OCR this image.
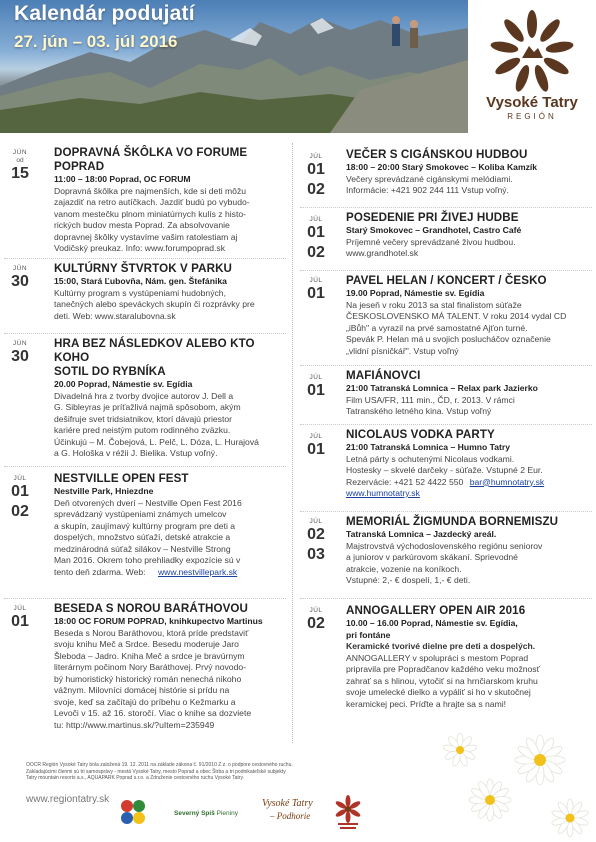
Kalendár podujatí
27. jún – 03. júl 2016
Vysoké Tatry
REGIÓN
JÚN
od
15
DOPRAVNÁ ŠKÔLKA VO FORUME POPRAD
11:00 – 18:00 Poprad, OC FORUM
Dopravná škôlka pre najmenších, kde si deti môžu
zajazdiť na retro autíčkach. Jazdiť budú po vybudo-
vanom mestečku plnom miniatúrnych kulís z histo-
rických budov mesta Poprad. Za absolvovanie
dopravnej škôlky vystavíme vašim ratolestiam aj
Vodičský preukaz. Info: www.forumpoprad.sk
JÚN
30
KULTÚRNY ŠTVRTOK V PARKU
15:00, Stará Ľubovňa, Nám. gen. Štefánika
Kultúrny program s vystúpeniami hudobných,
tanečných alebo speváckych skupín či rozprávky pre
deti. Web: www.staralubovna.sk
JÚN
30
HRA BEZ NÁSLEDKOV ALEBO KTO KOHO
SOTIL DO RYBNÍKA
20.00 Poprad, Námestie sv. Egídia
Divadelná hra z tvorby dvojice autorov J. Dell a
G. Sibleyras je príťažlivá najmä spôsobom, akým
dešifruje svet tridsiatnikov, ktorí dávajú priestor
kariére pred neistým putom rodinného zväzku.
Účinkujú – M. Čobejová, L. Pelč, L. Dóza, L. Hurajová
a G. Hološka v réžii J. Bielika. Vstup voľný.
JÚL
01
02
NESTVILLE OPEN FEST
Nestville Park, Hniezdne
Deň otvorených dverí – Nestville Open Fest 2016
sprevádzaný vystúpeniami známych umelcov
a skupín, zaujímavý kultúrny program pre deti a
dospelých, množstvo súťaží, detské atrakcie a
medzinárodná súťaž silákov – Nestville Strong
Man 2016. Okrem toho prehliadky expozície sú v
tento deň zdarma. Web: www.nestvillepark.sk
JÚL
01
BESEDA S NOROU BARÁTHOVOU
18:00 OC FORUM POPRAD, knihkupectvo Martinus
Beseda s Norou Baráthovou, ktorá príde predstaviť
svoju knihu Meč a Srdce. Besedu moderuje Jaro
Šleboda – Jadro. Kniha Meč a srdce je bravúrnym
literárnym počinom Nory Baráthovej. Prvý novodo-
bý humoristický historický román nenechá nikoho
vážnym. Milovníci domácej histórie si prídu na
svoje, keď sa začítajú do príbehu o Kežmarku a
Levoči v 15. až 16. storočí. Viac o knihe sa dozviete
tu: http://www.martinus.sk/?uItem=235949
JÚL
01
02
VEČER S CIGÁNSKOU HUDBOU
18:00 – 20:00 Starý Smokovec – Koliba Kamzík
Večery sprevádzané cigánskymi melódiami.
Informácie: +421 902 244 111 Vstup voľný.
JÚL
01
02
POSEDENIE PRI ŽIVEJ HUDBE
Starý Smokovec – Grandhotel, Castro Café
Príjemné večery sprevádzané živou hudbou.
www.grandhotel.sk
JÚL
01
PAVEL HELAN / KONCERT / ČESKO
19.00 Poprad, Námestie sv. Egídia
Na jeseň v roku 2013 sa stal finalistom súťaže
ČESKOSLOVENSKO MÁ TALENT. V roku 2014 vydal CD
„iBůh" a vyrazil na prvé samostatné Ajťon turné.
Spevák P. Helan má u svojich poslucháčov označenie
„vlidní písničkář". Vstup voľný
JÚL
01
MAFIÁNOVCI
21:00 Tatranská Lomnica – Relax park Jazierko
Film USA/FR, 111 min., ČD, r. 2013. V rámci
Tatranského letného kina. Vstup voľný
JÚL
01
NICOLAUS VODKA PARTY
21:00 Tatranská Lomnica – Humno Tatry
Letná párty s ochutenými Nicolaus vodkami.
Hostesky – skvelé darčeky - súťaže. Vstupné 2 Eur.
Rezervácie: +421 52 4422 550 bar@humnotatry.sk
www.humnotatry.sk
JÚL
02
03
MEMORIÁL ŽIGMUNDA BORNEMISZU
Tatranská Lomnica – Jazdecký areál.
Majstrovstvá východoslovenského regiónu seniorov
a juniorov v parkúrovom skákaní. Sprievodné
atrakcie, vozenie na koníkoch.
Vstupné: 2,- € dospelí, 1,- € deti.
JÚL
02
ANNOGALLERY OPEN AIR 2016
10.00 – 16.00 Poprad, Námestie sv. Egídia,
pri fontáne
Keramické tvorivé dielne pre deti a dospelých.
ANNOGALLERY v spolupráci s mestom Poprad
pripravila pre Popradčanov každého veku možnosť
zahrať sa s hlinou, vytočiť si na hrnčiarskom kruhu
svoje umelecké dielko a vypáliť si ho v skutočnej
keramickej peci. Príďte a hrajte sa s nami!
OOCR Región Vysoké Tatry bola založená 19. 12. 2011 na základe zákona č. 91/2010 Z.z. o podpore cestovného ruchu.
Zakladajúcimi členmi sú tri samosprávy - mestá Vysoké Tatry, mesto Poprad a obec Štrba a tri podnikateľské subjekty
Tatry mountain resorts a.s., AQUAPARK Poprad s.r.o. a Združenie cestovného ruchu Vysoké Tatry.
www.regiontatry.sk
Severný Spiš Pieniny
Vysoké Tatry
– Podhorie
